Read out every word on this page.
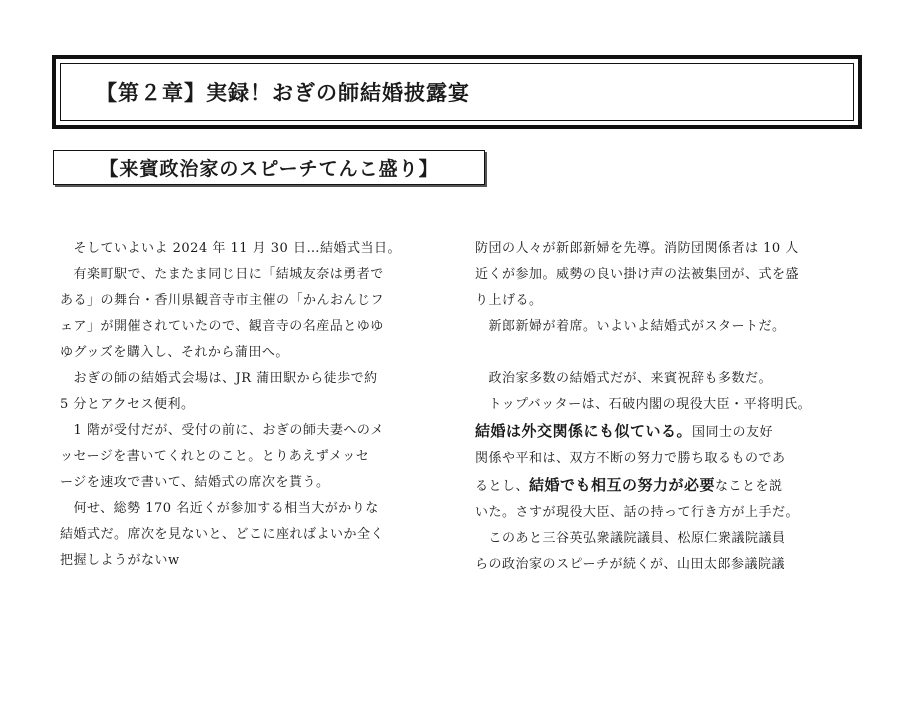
【第２章】実録！おぎの師結婚披露宴
【来賓政治家のスピーチてんこ盛り】

　そしていよいよ 2024 年 11 月 30 日…結婚式当日。

　有楽町駅で、たまたま同じ日に「結城友奈は勇者で

ある」の舞台・香川県観音寺市主催の「かんおんじフ

ェア」が開催されていたので、観音寺の名産品とゆゆ

ゆグッズを購入し、それから蒲田へ。

　おぎの師の結婚式会場は、JR 蒲田駅から徒歩で約

5 分とアクセス便利。

　1 階が受付だが、受付の前に、おぎの師夫妻へのメ

ッセージを書いてくれとのこと。とりあえずメッセ

ージを速攻で書いて、結婚式の席次を貰う。

　何せ、総勢 170 名近くが参加する相当大がかりな

結婚式だ。席次を見ないと、どこに座ればよいか全く

把握しようがないw

防団の人々が新郎新婦を先導。消防団関係者は 10 人

近くが参加。威勢の良い掛け声の法被集団が、式を盛

り上げる。

　新郎新婦が着席。いよいよ結婚式がスタートだ。

　政治家多数の結婚式だが、来賓祝辞も多数だ。

　トップバッターは、石破内閣の現役大臣・平将明氏。

結婚は外交関係にも似ている。国同士の友好

関係や平和は、双方不断の努力で勝ち取るものであ

るとし、結婚でも相互の努力が必要なことを説

いた。さすが現役大臣、話の持って行き方が上手だ。

　このあと三谷英弘衆議院議員、松原仁衆議院議員

らの政治家のスピーチが続くが、山田太郎参議院議
